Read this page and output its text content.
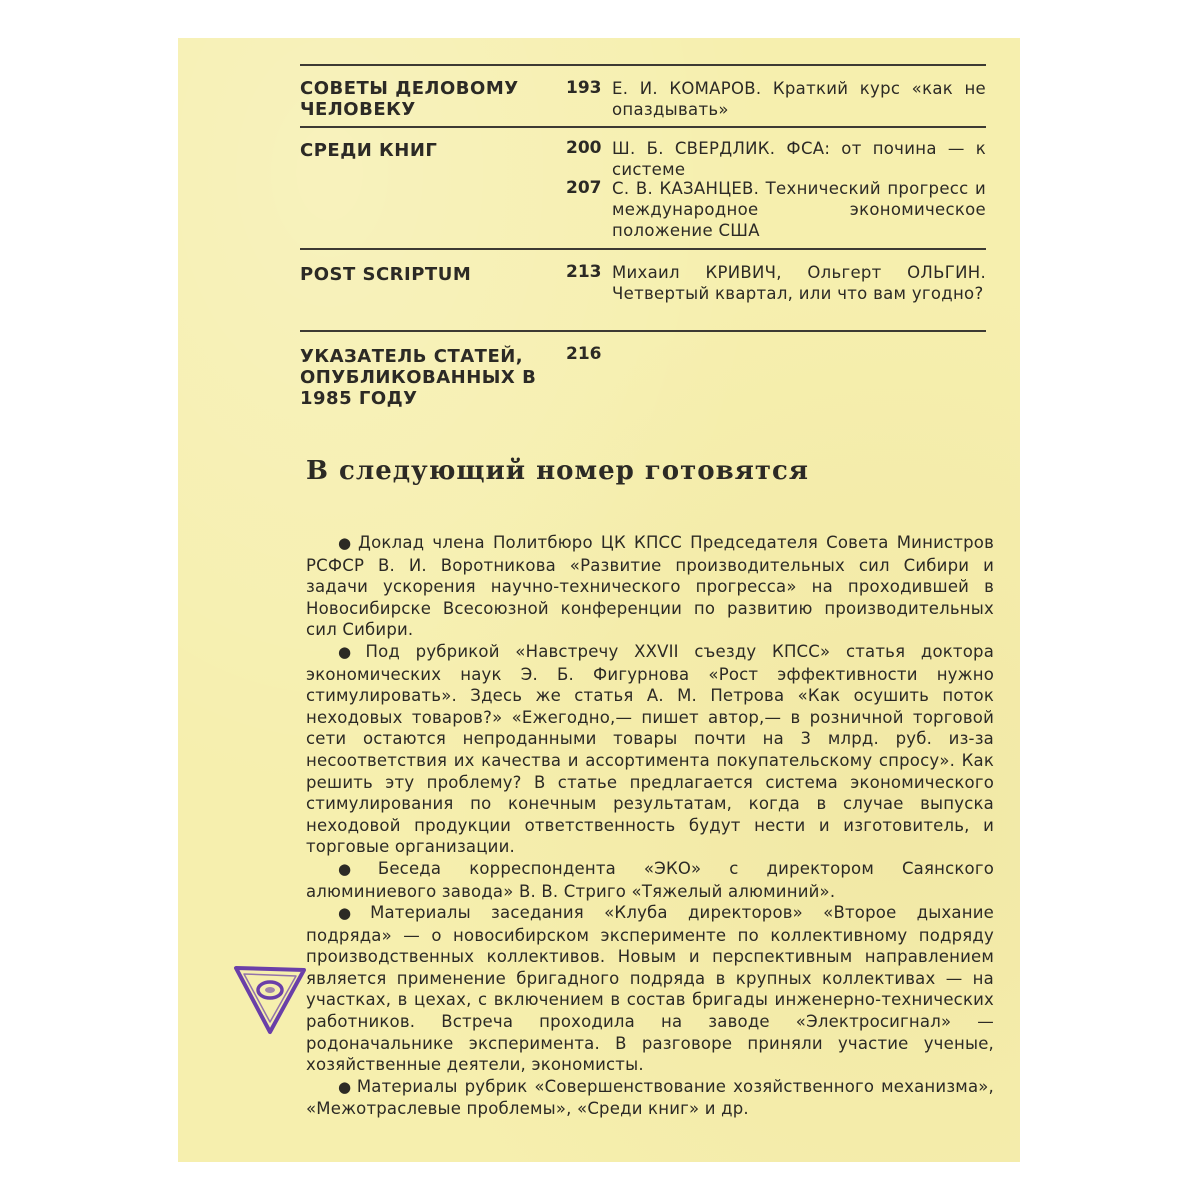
СОВЕТЫ ДЕЛОВОМУ ЧЕЛОВЕКУ
193 Е. И. КОМАРОВ. Краткий курс «как не опаздывать»
СРЕДИ КНИГ	200 Ш. Б. СВЕРДЛИК. ФСА: от почина — к системе
207 С. В. КАЗАНЦЕВ. Технический прогресс и международное экономическое положение США
POST SCRIPTUM	213 Михаил КРИВИЧ, Ольгерт ОЛЬГИН. Четвертый квартал, или что вам угодно?
УКАЗАТЕЛЬ СТАТЕЙ, ОПУБЛИКОВАННЫХ В 1985 ГОДУ
216
В следующий номер готовятся

● Доклад члена Политбюро ЦК КПСС Председателя Совета Министров РСФСР В. И. Воротникова «Развитие производительных сил Сибири и задачи ускорения научно-технического прогресса» на проходившей в Новосибирске Всесоюзной конференции по развитию производительных сил Сибири.

● Под рубрикой «Навстречу XXVII съезду КПСС» статья доктора экономических наук Э. Б. Фигурнова «Рост эффективности нужно стимулировать». Здесь же статья А. М. Петрова «Как осушить поток неходовых товаров?» «Ежегодно,— пишет автор,— в розничной торговой сети остаются непроданными товары почти на 3 млрд. руб. из-за несоответствия их качества и ассортимента покупательскому спросу». Как решить эту проблему? В статье предлагается система экономического стимулирования по конечным результатам, когда в случае выпуска неходовой продукции ответственность будут нести и изготовитель, и торговые организации.

● Беседа корреспондента «ЭКО» с директором Саянского алюминиевого завода» В. В. Стриго «Тяжелый алюминий».

● Материалы заседания «Клуба директоров» «Второе дыхание подряда» — о новосибирском эксперименте по коллективному подряду производственных коллективов. Новым и перспективным направлением является применение бригадного подряда в крупных коллективах — на участках, в цехах, с включением в состав бригады инженерно-технических работников. Встреча проходила на заводе «Электросигнал» — родоначальнике эксперимента. В разговоре приняли участие ученые, хозяйственные деятели, экономисты.

● Материалы рубрик «Совершенствование хозяйственного механизма», «Межотраслевые проблемы», «Среди книг» и др.
